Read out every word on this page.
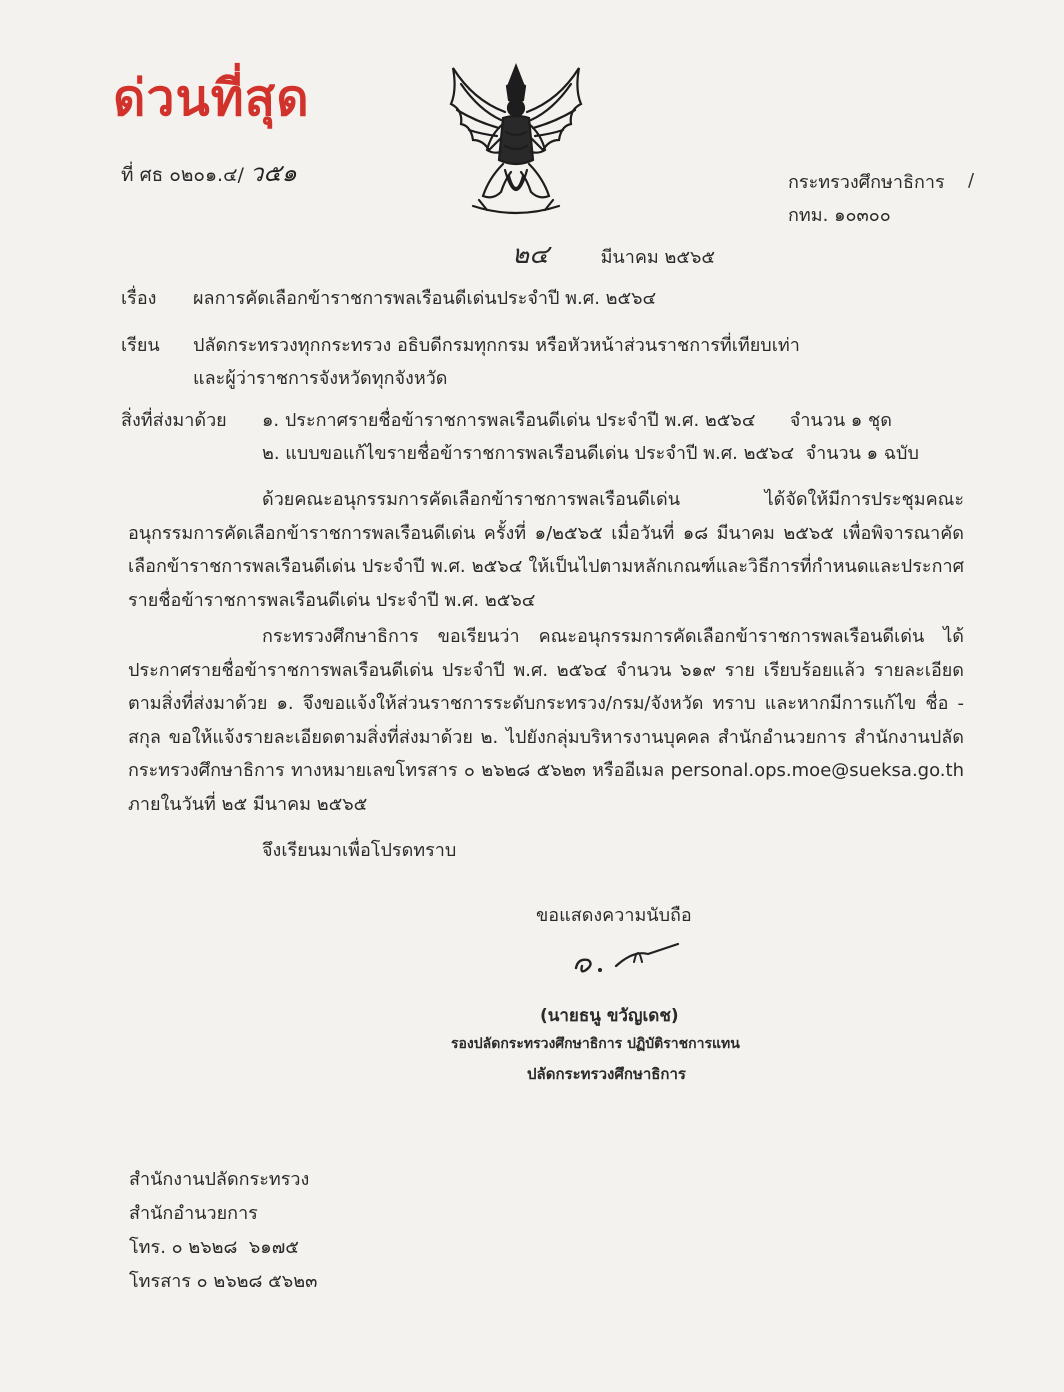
ด่วนที่สุด
ที่ ศธ ๐๒๐๑.๔/ ว๕๑	กระทรวงศึกษาธิการ /
กทม. ๑๐๓๐๐
๒๔	มีนาคม ๒๕๖๕
เรื่อง ผลการคัดเลือกข้าราชการพลเรือนดีเด่นประจำปี พ.ศ. ๒๕๖๔
เรียน ปลัดกระทรวงทุกกระทรวง อธิบดีกรมทุกกรม หรือหัวหน้าส่วนราชการที่เทียบเท่า
และผู้ว่าราชการจังหวัดทุกจังหวัด
สิ่งที่ส่งมาด้วย ๑. ประกาศรายชื่อข้าราชการพลเรือนดีเด่น ประจำปี พ.ศ. ๒๕๖๔      จำนวน ๑ ชุด
๒. แบบขอแก้ไขรายชื่อข้าราชการพลเรือนดีเด่น ประจำปี พ.ศ. ๒๕๖๔  จำนวน ๑ ฉบับ

ด้วยคณะอนุกรรมการคัดเลือกข้าราชการพลเรือนดีเด่น ได้จัดให้มีการประชุมคณะอนุกรรมการคัดเลือกข้าราชการพลเรือนดีเด่น ครั้งที่ ๑/๒๕๖๕ เมื่อวันที่ ๑๘ มีนาคม ๒๕๖๕ เพื่อพิจารณาคัดเลือกข้าราชการพลเรือนดีเด่น ประจำปี พ.ศ. ๒๕๖๔ ให้เป็นไปตามหลักเกณฑ์และวิธีการที่กำหนดและประกาศรายชื่อข้าราชการพลเรือนดีเด่น ประจำปี พ.ศ. ๒๕๖๔

กระทรวงศึกษาธิการ ขอเรียนว่า คณะอนุกรรมการคัดเลือกข้าราชการพลเรือนดีเด่น ได้ประกาศรายชื่อข้าราชการพลเรือนดีเด่น ประจำปี พ.ศ. ๒๕๖๔ จำนวน ๖๑๙ ราย เรียบร้อยแล้ว รายละเอียดตามสิ่งที่ส่งมาด้วย ๑. จึงขอแจ้งให้ส่วนราชการระดับกระทรวง/กรม/จังหวัด ทราบ และหากมีการแก้ไข ชื่อ - สกุล ขอให้แจ้งรายละเอียดตามสิ่งที่ส่งมาด้วย ๒. ไปยังกลุ่มบริหารงานบุคคล สำนักอำนวยการ สำนักงานปลัดกระทรวงศึกษาธิการ ทางหมายเลขโทรสาร ๐ ๒๖๒๘ ๕๖๒๓ หรืออีเมล personal.ops.moe@sueksa.go.th ภายในวันที่ ๒๕ มีนาคม ๒๕๖๕

จึงเรียนมาเพื่อโปรดทราบ
ขอแสดงความนับถือ
(นายธนู ขวัญเดช)
รองปลัดกระทรวงศึกษาธิการ ปฏิบัติราชการแทน
ปลัดกระทรวงศึกษาธิการ
สำนักงานปลัดกระทรวง
สำนักอำนวยการ
โทร. ๐ ๒๖๒๘  ๖๑๗๕
โทรสาร ๐ ๒๖๒๘ ๕๖๒๓
